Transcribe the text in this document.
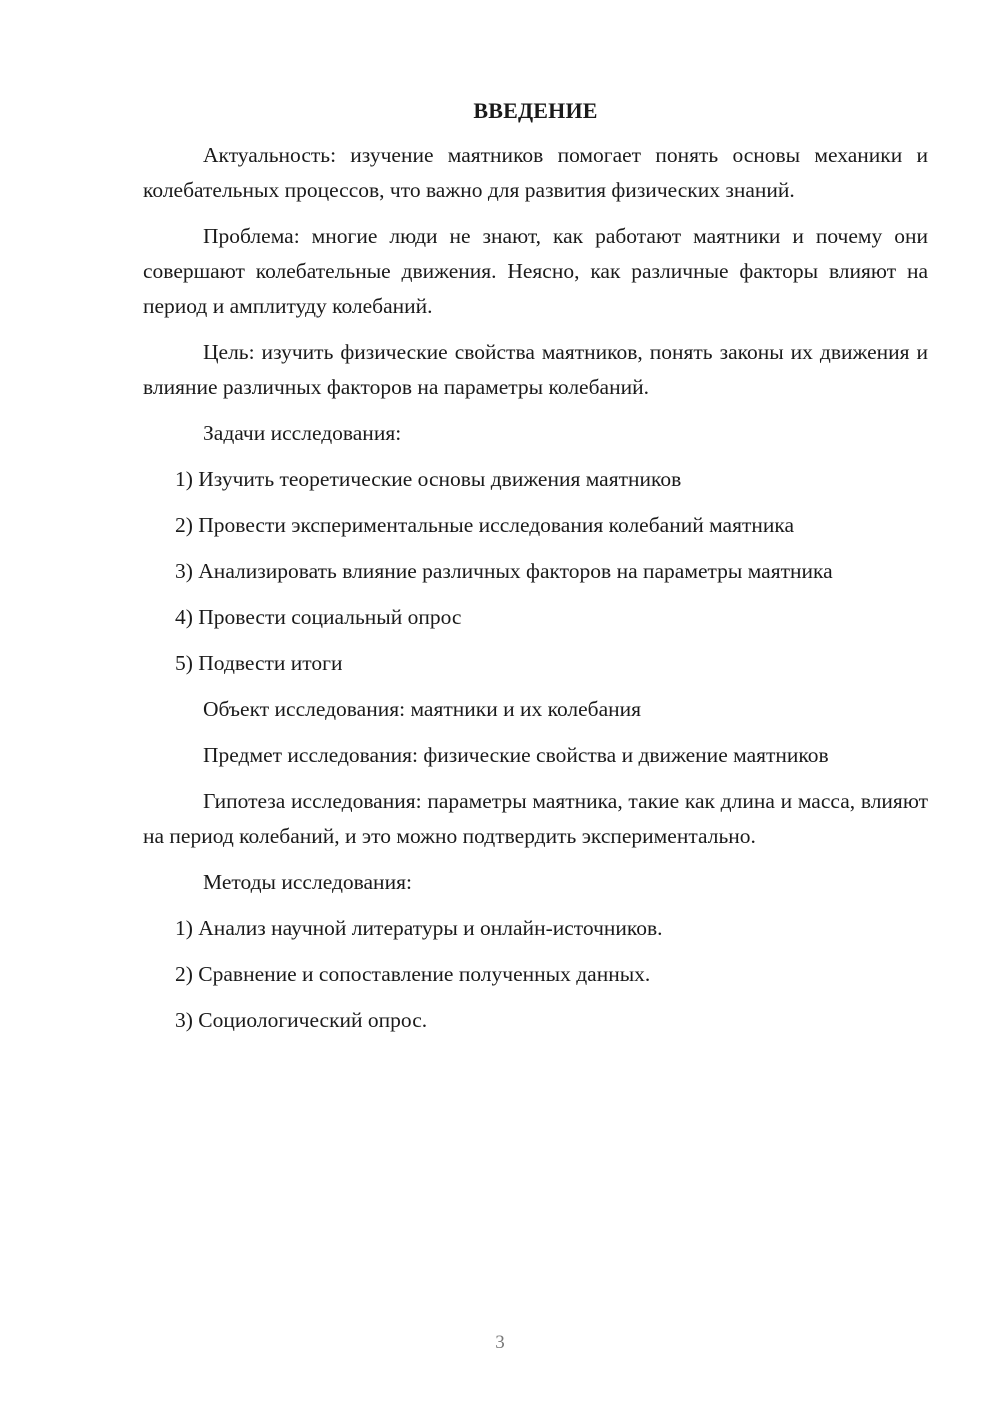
ВВЕДЕНИЕ

Актуальность: изучение маятников помогает понять основы механики и колебательных процессов, что важно для развития физических знаний.

Проблема: многие люди не знают, как работают маятники и почему они совершают колебательные движения. Неясно, как различные факторы влияют на период и амплитуду колебаний.

Цель: изучить физические свойства маятников, понять законы их движения и влияние различных факторов на параметры колебаний.

Задачи исследования:

1) Изучить теоретические основы движения маятников

2) Провести экспериментальные исследования колебаний маятника

3) Анализировать влияние различных факторов на параметры маятника

4) Провести социальный опрос

5) Подвести итоги

Объект исследования: маятники и их колебания

Предмет исследования: физические свойства и движение маятников

Гипотеза исследования: параметры маятника, такие как длина и масса, влияют на период колебаний, и это можно подтвердить экспериментально.

Методы исследования:

1) Анализ научной литературы и онлайн-источников.

2) Сравнение и сопоставление полученных данных.

3) Социологический опрос.

3
